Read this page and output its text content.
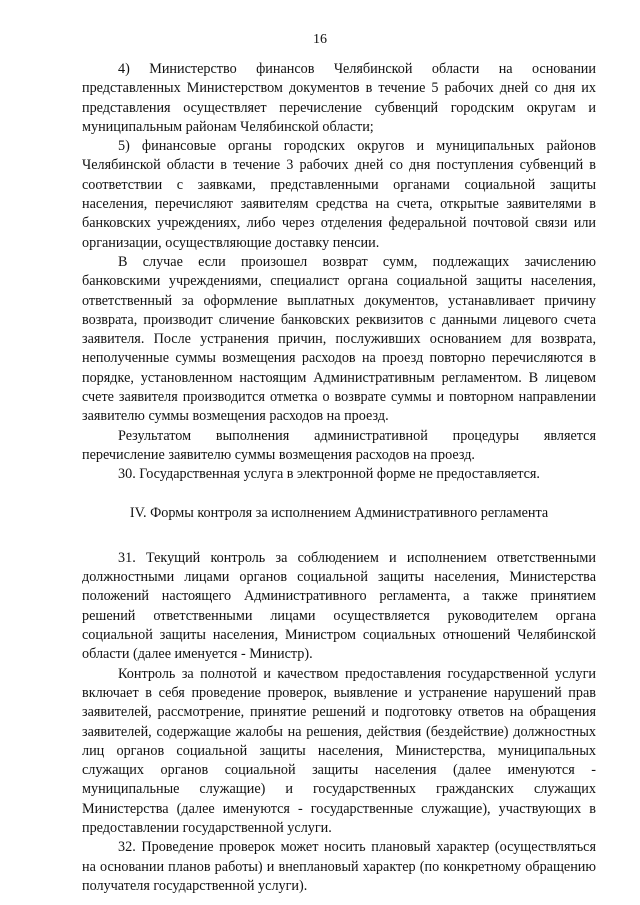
16

4) Министерство финансов Челябинской области на основании представленных Министерством документов в течение 5 рабочих дней со дня их представления осуществляет перечисление субвенций городским округам и муниципальным районам Челябинской области;

5) финансовые органы городских округов и муниципальных районов Челябинской области в течение 3 рабочих дней со дня поступления субвенций в соответствии с заявками, представленными органами социальной защиты населения, перечисляют заявителям средства на счета, открытые заявителями в банковских учреждениях, либо через отделения федеральной почтовой связи или организации, осуществляющие доставку пенсии.

В случае если произошел возврат сумм, подлежащих зачислению банковскими учреждениями, специалист органа социальной защиты населения, ответственный за оформление выплатных документов, устанавливает причину возврата, производит сличение банковских реквизитов с данными лицевого счета заявителя. После устранения причин, послуживших основанием для возврата, неполученные суммы возмещения расходов на проезд повторно перечисляются в порядке, установленном настоящим Административным регламентом. В лицевом счете заявителя производится отметка о возврате суммы и повторном направлении заявителю суммы возмещения расходов на проезд.

Результатом выполнения административной процедуры является перечисление заявителю суммы возмещения расходов на проезд.

30. Государственная услуга в электронной форме не предоставляется.

IV. Формы контроля за исполнением Административного регламента

31. Текущий контроль за соблюдением и исполнением ответственными должностными лицами органов социальной защиты населения, Министерства положений настоящего Административного регламента, а также принятием решений ответственными лицами осуществляется руководителем органа социальной защиты населения, Министром социальных отношений Челябинской области (далее именуется - Министр).

Контроль за полнотой и качеством предоставления государственной услуги включает в себя проведение проверок, выявление и устранение нарушений прав заявителей, рассмотрение, принятие решений и подготовку ответов на обращения заявителей, содержащие жалобы на решения, действия (бездействие) должностных лиц органов социальной защиты населения, Министерства, муниципальных служащих органов социальной защиты населения (далее именуются - муниципальные служащие) и государственных гражданских служащих Министерства (далее именуются - государственные служащие), участвующих в предоставлении государственной услуги.

32. Проведение проверок может носить плановый характер (осуществляться на основании планов работы) и внеплановый характер (по конкретному обращению получателя государственной услуги).
